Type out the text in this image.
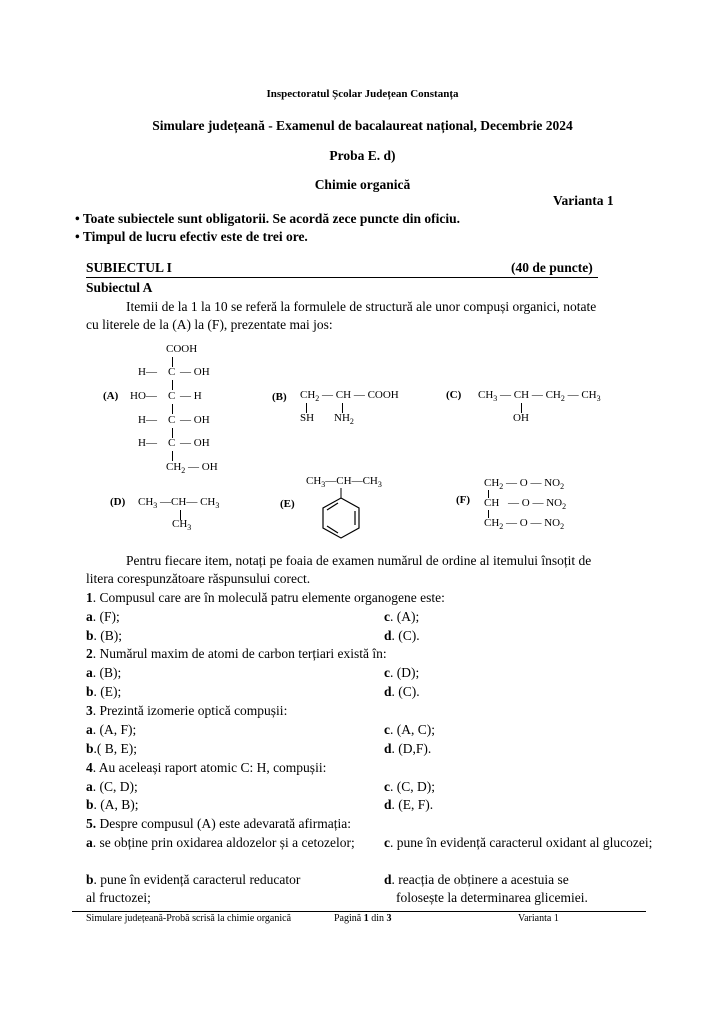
Inspectoratul Școlar Județean Constanța
Simulare județeană - Examenul de bacalaureat național, Decembrie 2024
Proba E. d)
Chimie organică
Varianta 1
• Toate subiectele sunt obligatorii. Se acordă zece puncte din oficiu.
• Timpul de lucru efectiv este de trei ore.
SUBIECTUL I	(40 de puncte)
Subiectul A
Itemii de la 1 la 10 se referă la formulele de structură ale unor compuși organici, notate
cu literele de la (A) la (F), prezentate mai jos:
(A)
COOH
H— C — OH
HO— C — H
H— C — OH
H— C — OH
$CH_2$ — OH
(B) $CH_2$ — CH — COOH
SH $NH_2$
(C) $CH_3$ — CH — $CH_2$ — $CH_3$
OH
(D) $CH_3$ —CH— $CH_3$
$CH_3$
(E)
$CH_3—CH—CH_3$
(F)
$CH_2$ — O — $NO_2$
CH — O — $NO_2$
$CH_2$ — O — $NO_2$
Pentru fiecare item, notați pe foaia de examen numărul de ordine al itemului însoțit de
litera corespunzătoare răspunsului corect.
1. Compusul care are în moleculă patru elemente organogene este:
a. (F);	c. (A);
b. (B);	d. (C).
2. Numărul maxim de atomi de carbon terțiari există în:
a. (B);	c. (D);
b. (E);	d. (C).
3. Prezintă izomerie optică compușii:
a. (A, F);	c. (A, C);
b.( B, E);	d. (D,F).
4. Au aceleași raport atomic C: H, compușii:
a. (C, D);	c. (C, D);
b. (A, B);	d. (E, F).
5. Despre compusul (A) este adevarată afirmația:
a. se obține prin oxidarea aldozelor și a cetozelor; c. pune în evidență caracterul oxidant al glucozei;
b. pune în evidență caracterul reducator
al fructozei;
d. reacția de obținere a acestuia se
folosește la determinarea glicemiei.
Simulare județeană-Probă scrisă la chimie organică	Pagină 1 din 3	Varianta 1
